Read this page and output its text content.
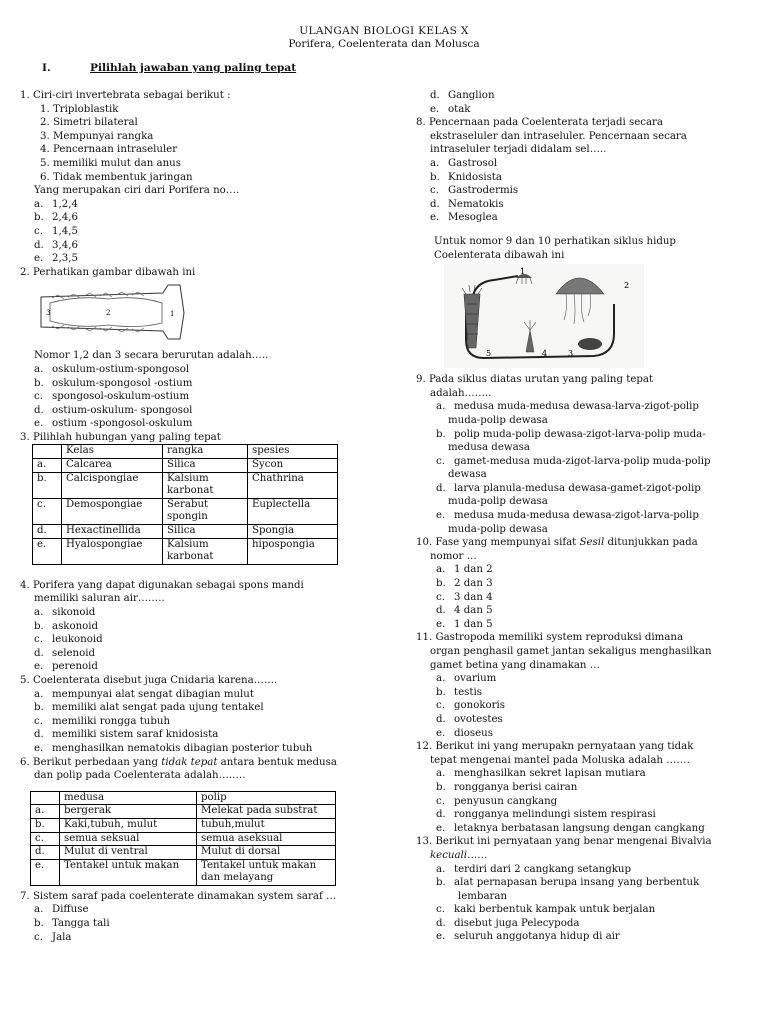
ULANGAN BIOLOGI KELAS X
Porifera, Coelenterata dan Molusca
I.	Pilihlah jawaban yang paling tepat
1. Ciri-ciri invertebrata sebagai berikut :
1. Triploblastik
2. Simetri bilateral
3. Mempunyai rangka
4. Pencernaan intraseluler
5. memiliki mulut dan anus
6. Tidak membentuk jaringan
Yang merupakan ciri dari Porifera no….
a. 1,2,4
b. 2,4,6
c. 1,4,5
d. 3,4,6
e. 2,3,5
2. Perhatikan gambar dibawah ini
1
2
3
Nomor 1,2 dan 3 secara berurutan adalah…..
a. oskulum-ostium-spongosol
b. oskulum-spongosol -ostium
c. spongosol-oskulum-ostium
d. ostium-oskulum- spongosol
e. ostium -spongosol-oskulum
3. Pilihlah hubungan yang paling tepat
	Kelas	rangka	spesies
a.	Calcarea	Silica	Sycon
b.	Calcispongiae	Kalsium karbonat	Chathrina
c.	Demospongiae	Serabut spongin	Euplectella
d.	Hexactinellida	Silica	Spongia
e.	Hyalospongiae	Kalsium karbonat	hipospongia
4. Porifera yang dapat digunakan sebagai spons mandi
memiliki saluran air……..
a. sikonoid
b. askonoid
c. leukonoid
d. selenoid
e. perenoid
5. Coelenterata disebut juga Cnidaria karena…….
a. mempunyai alat sengat dibagian mulut
b. memiliki alat sengat pada ujung tentakel
c. memiliki rongga tubuh
d. memiliki sistem saraf knidosista
e. menghasilkan nematokis dibagian posterior tubuh
6. Berikut perbedaan yang tidak tepat antara bentuk medusa
dan polip pada Coelenterata adalah……..
	medusa	polip
a.	bergerak	Melekat pada substrat
b.	Kaki,tubuh, mulut	tubuh,mulut
c.	semua seksual	semua aseksual
d.	Mulut di ventral	Mulut di dorsal
e.	Tentakel untuk makan	Tentakel untuk makan dan melayang
7. Sistem saraf pada coelenterate dinamakan system saraf …
a. Diffuse
b. Tangga tali
c. Jala
d. Ganglion
e. otak
8. Pencernaan pada Coelenterata terjadi secara
ekstraseluler dan intraseluler. Pencernaan secara
intraseluler terjadi didalam sel…..
a. Gastrosol
b. Knidosista
c. Gastrodermis
d. Nematokis
e. Mesoglea
Untuk nomor 9 dan 10 perhatikan siklus hidup
Coelenterata dibawah ini
1
2
3
4
5
9. Pada siklus diatas urutan yang paling tepat
adalah……..
a. medusa muda-medusa dewasa-larva-zigot-polip
muda-polip dewasa
b. polip muda-polip dewasa-zigot-larva-polip muda-
medusa dewasa
c. gamet-medusa muda-zigot-larva-polip muda-polip
dewasa
d. larva planula-medusa dewasa-gamet-zigot-polip
muda-polip dewasa
e. medusa muda-medusa dewasa-zigot-larva-polip
muda-polip dewasa
10. Fase yang mempunyai sifat Sesil ditunjukkan pada
nomor …
a. 1 dan 2
b. 2 dan 3
c. 3 dan 4
d. 4 dan 5
e. 1 dan 5
11. Gastropoda memiliki system reproduksi dimana
organ penghasil gamet jantan sekaligus menghasilkan
gamet betina yang dinamakan …
a. ovarium
b. testis
c. gonokoris
d. ovotestes
e. dioseus
12. Berikut ini yang merupakn pernyataan yang tidak
tepat mengenai mantel pada Moluska adalah …….
a. menghasilkan sekret lapisan mutiara
b. rongganya berisi cairan
c. penyusun cangkang
d. rongganya melindungi sistem respirasi
e. letaknya berbatasan langsung dengan cangkang
13. Berikut ini pernyataan yang benar mengenai Bivalvia
kecuali……
a. terdiri dari 2 cangkang setangkup
b. alat pernapasan berupa insang yang berbentuk
lembaran
c. kaki berbentuk kampak untuk berjalan
d. disebut juga Pelecypoda
e. seluruh anggotanya hidup di air
